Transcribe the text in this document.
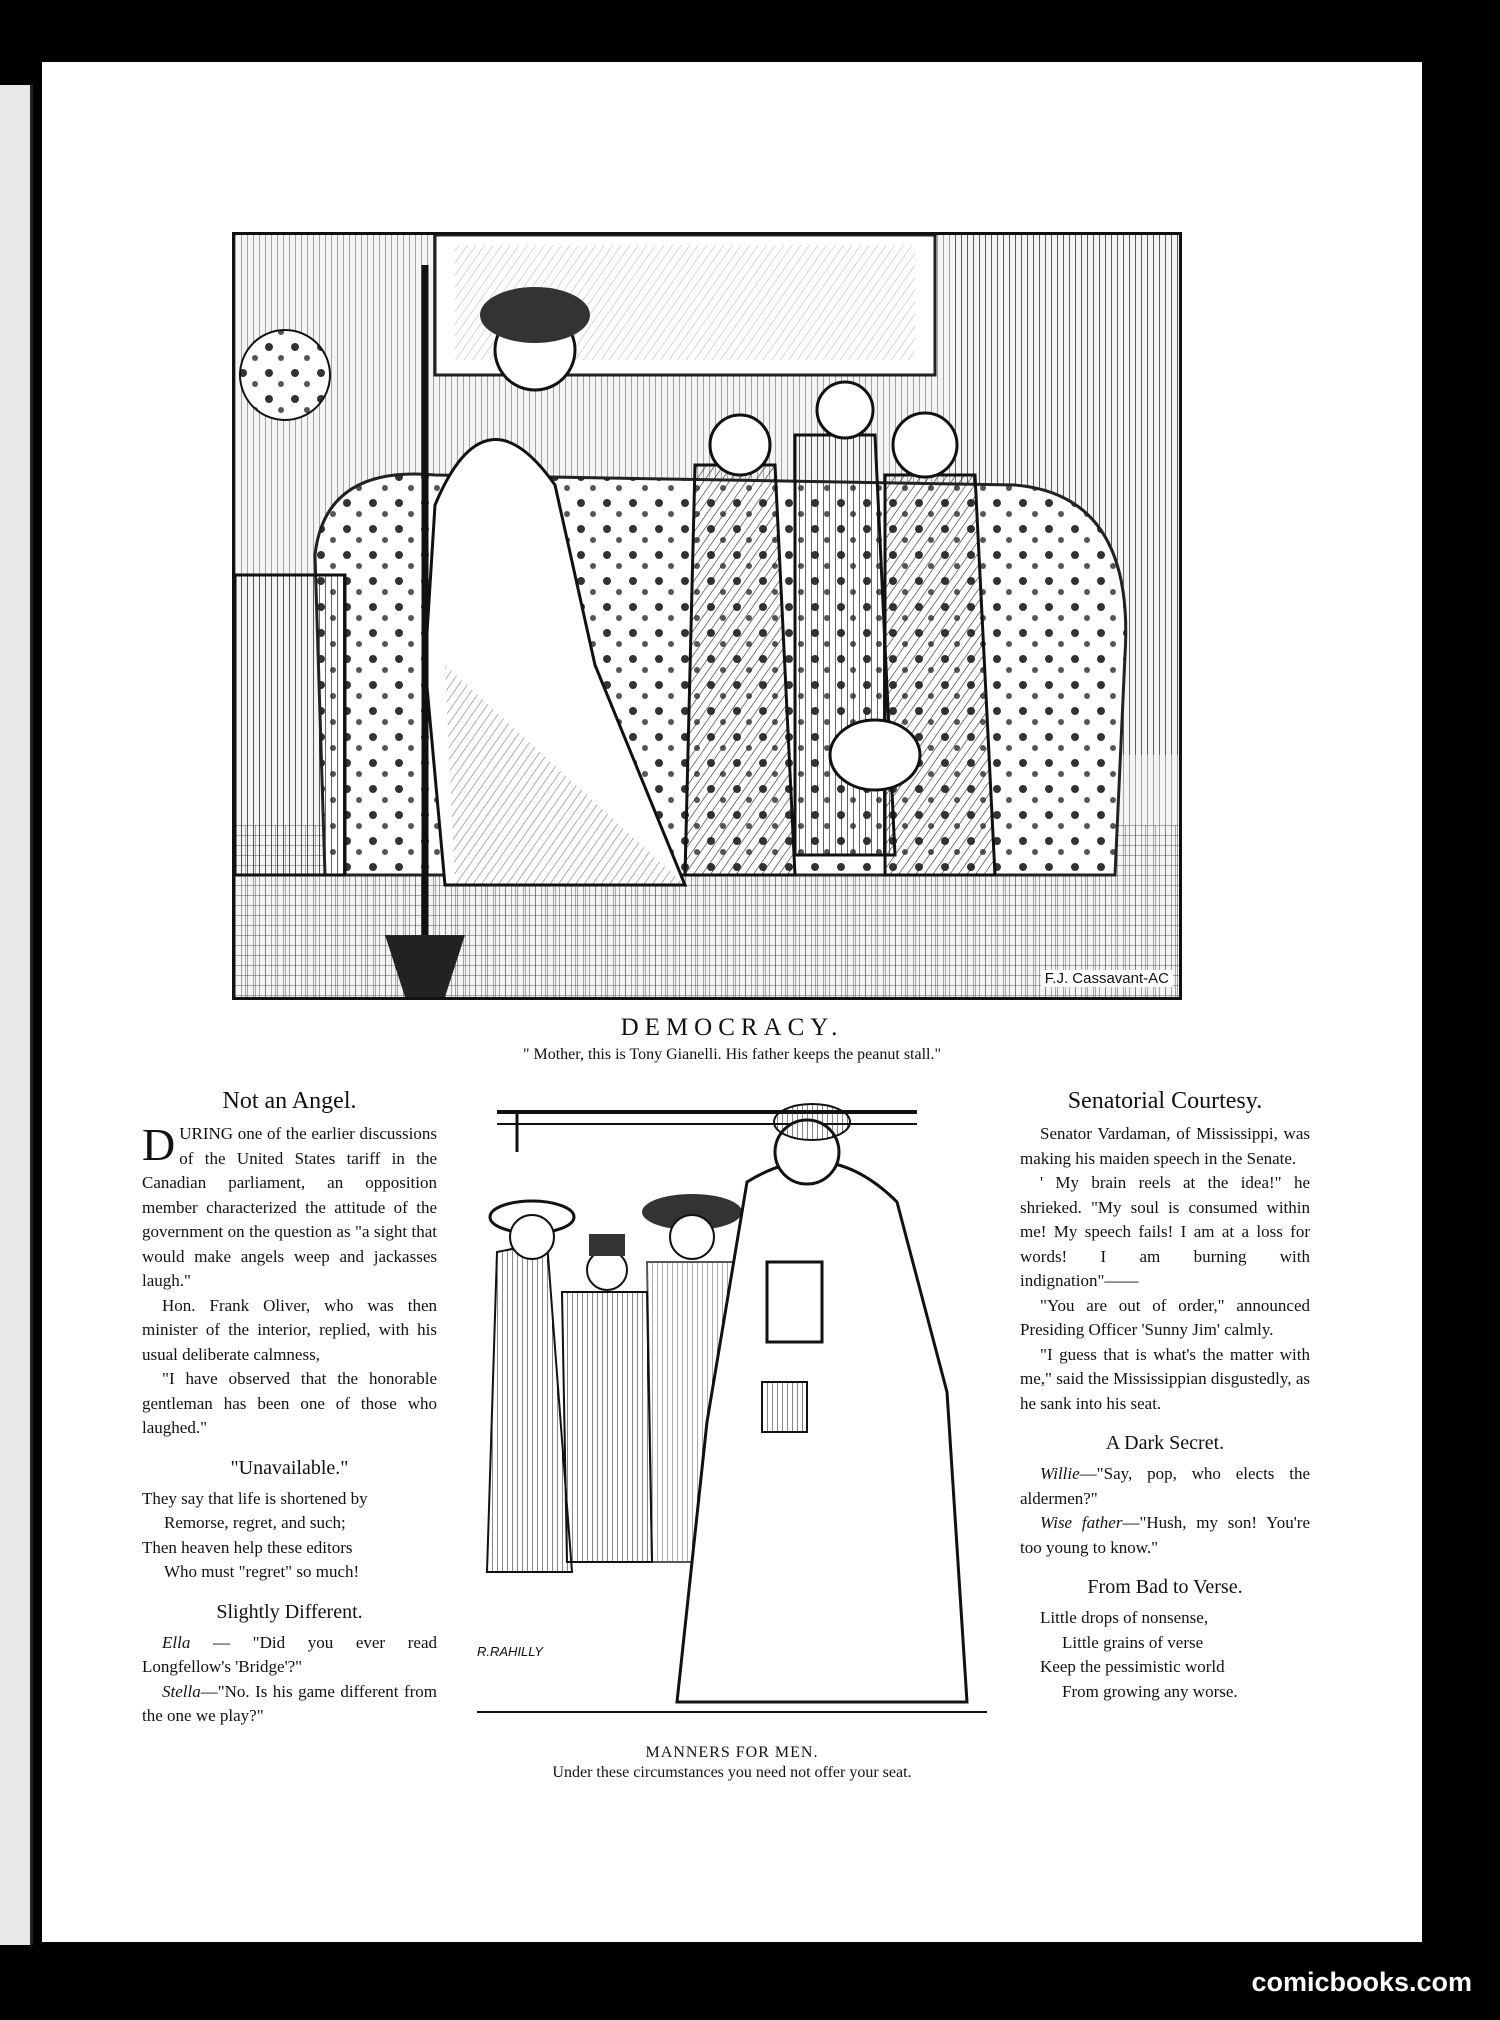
F.J. Cassavant-AC
DEMOCRACY.
" Mother, this is Tony Gianelli. His father keeps the peanut stall."
Not an Angel.

DURING one of the earlier discussions of the United States tariff in the Canadian parliament, an opposition member characterized the attitude of the government on the question as "a sight that would make angels weep and jackasses laugh."

Hon. Frank Oliver, who was then minister of the interior, replied, with his usual deliberate calmness,

"I have observed that the honorable gentleman has been one of those who laughed."

"Unavailable."

They say that life is shortened by

Remorse, regret, and such;

Then heaven help these editors

Who must "regret" so much!

Slightly Different.

Ella — "Did you ever read Longfellow's 'Bridge'?"

Stella—"No. Is his game different from the one we play?"

R.RAHILLY
MANNERS FOR MEN.
Under these circumstances you need not offer your seat.
Senatorial Courtesy.

Senator Vardaman, of Mississippi, was making his maiden speech in the Senate.

' My brain reels at the idea!" he shrieked. "My soul is consumed within me! My speech fails! I am at a loss for words! I am burning with indignation"——

"You are out of order," announced Presiding Officer 'Sunny Jim' calmly.

"I guess that is what's the matter with me," said the Mississippian disgustedly, as he sank into his seat.

A Dark Secret.

Willie—"Say, pop, who elects the aldermen?"

Wise father—"Hush, my son! You're too young to know."

From Bad to Verse.

Little drops of nonsense,

Little grains of verse

Keep the pessimistic world

From growing any worse.

comicbooks.com
